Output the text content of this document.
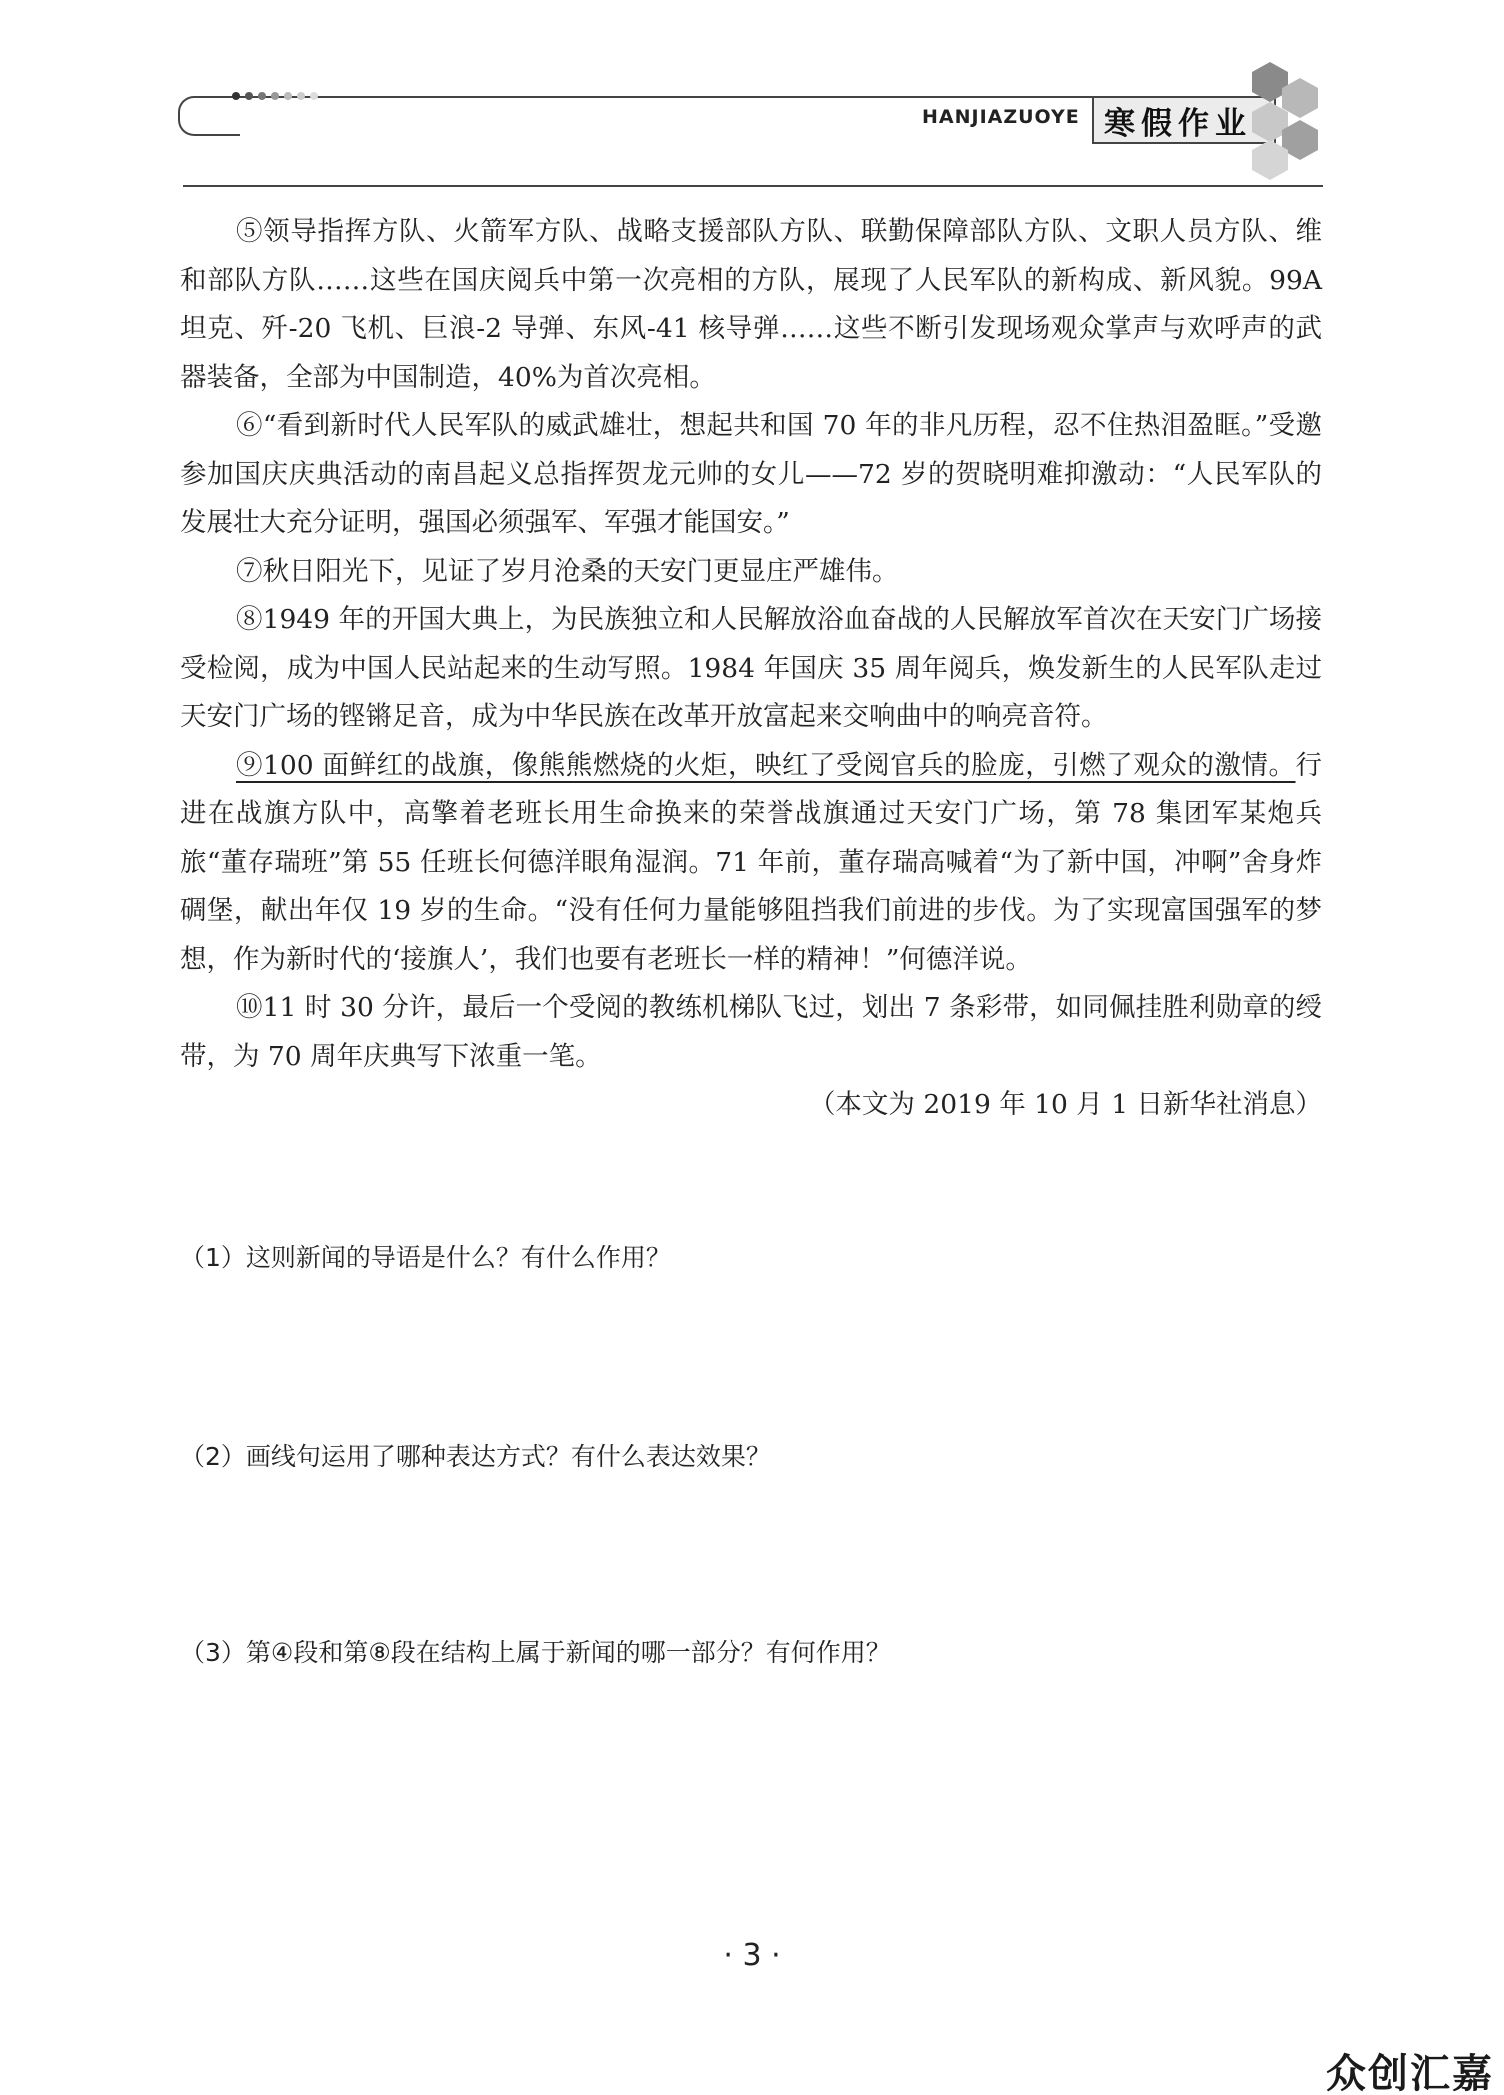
HANJIAZUOYE 寒假作业

⑤领导指挥方队、火箭军方队、战略支援部队方队、联勤保障部队方队、文职人员方队、维和部队方队……这些在国庆阅兵中第一次亮相的方队，展现了人民军队的新构成、新风貌。99A 坦克、歼-20 飞机、巨浪-2 导弹、东风-41 核导弹……这些不断引发现场观众掌声与欢呼声的武器装备，全部为中国制造，40%为首次亮相。

⑥“看到新时代人民军队的威武雄壮，想起共和国 70 年的非凡历程，忍不住热泪盈眶。”受邀参加国庆庆典活动的南昌起义总指挥贺龙元帅的女儿——72 岁的贺晓明难抑激动：“人民军队的发展壮大充分证明，强国必须强军、军强才能国安。”

⑦秋日阳光下，见证了岁月沧桑的天安门更显庄严雄伟。

⑧1949 年的开国大典上，为民族独立和人民解放浴血奋战的人民解放军首次在天安门广场接受检阅，成为中国人民站起来的生动写照。1984 年国庆 35 周年阅兵，焕发新生的人民军队走过天安门广场的铿锵足音，成为中华民族在改革开放富起来交响曲中的响亮音符。

⑨100 面鲜红的战旗，像熊熊燃烧的火炬，映红了受阅官兵的脸庞，引燃了观众的激情。行进在战旗方队中，高擎着老班长用生命换来的荣誉战旗通过天安门广场，第 78 集团军某炮兵旅“董存瑞班”第 55 任班长何德洋眼角湿润。71 年前，董存瑞高喊着“为了新中国，冲啊”舍身炸碉堡，献出年仅 19 岁的生命。“没有任何力量能够阻挡我们前进的步伐。为了实现富国强军的梦想，作为新时代的‘接旗人’，我们也要有老班长一样的精神！”何德洋说。

⑩11 时 30 分许，最后一个受阅的教练机梯队飞过，划出 7 条彩带，如同佩挂胜利勋章的绶带，为 70 周年庆典写下浓重一笔。

（本文为 2019 年 10 月 1 日新华社消息）

（1）这则新闻的导语是什么？有什么作用？
（2）画线句运用了哪种表达方式？有什么表达效果？
（3）第④段和第⑧段在结构上属于新闻的哪一部分？有何作用？
· 3 ·
众创汇嘉
